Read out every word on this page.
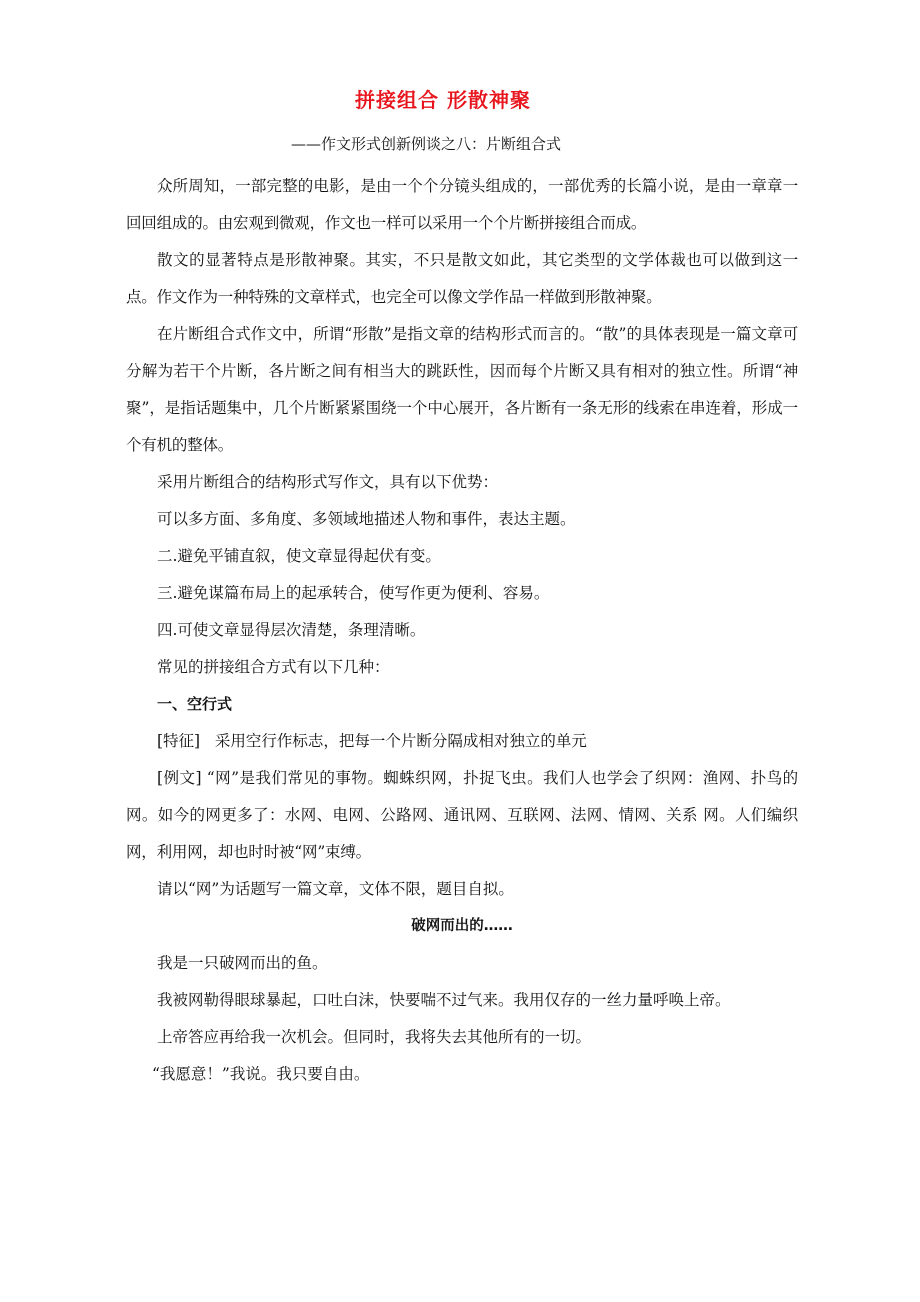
拼接组合 形散神聚
——作文形式创新例谈之八：片断组合式

众所周知，一部完整的电影，是由一个个分镜头组成的，一部优秀的长篇小说，是由一章章一回回组成的。由宏观到微观，作文也一样可以采用一个个片断拼接组合而成。

散文的显著特点是形散神聚。其实，不只是散文如此，其它类型的文学体裁也可以做到这一点。作文作为一种特殊的文章样式，也完全可以像文学作品一样做到形散神聚。

在片断组合式作文中，所谓“形散”是指文章的结构形式而言的。“散”的具体表现是一篇文章可分解为若干个片断，各片断之间有相当大的跳跃性，因而每个片断又具有相对的独立性。所谓“神聚”，是指话题集中，几个片断紧紧围绕一个中心展开，各片断有一条无形的线索在串连着，形成一个有机的整体。

采用片断组合的结构形式写作文，具有以下优势：

可以多方面、多角度、多领域地描述人物和事件，表达主题。

二.避免平铺直叙，使文章显得起伏有变。

三.避免谋篇布局上的起承转合，使写作更为便利、容易。

四.可使文章显得层次清楚，条理清晰。

常见的拼接组合方式有以下几种：

一、空行式

[特征] 采用空行作标志，把每一个片断分隔成相对独立的单元

[例文] “网”是我们常见的事物。蜘蛛织网，扑捉飞虫。我们人也学会了织网：渔网、扑鸟的网。如今的网更多了：水网、电网、公路网、通讯网、互联网、法网、情网、关系 网。人们编织网，利用网，却也时时被“网”束缚。

请以“网”为话题写一篇文章，文体不限，题目自拟。

破网而出的……

我是一只破网而出的鱼。

我被网勒得眼球暴起，口吐白沫，快要喘不过气来。我用仅存的一丝力量呼唤上帝。

上帝答应再给我一次机会。但同时，我将失去其他所有的一切。

“我愿意！”我说。我只要自由。
